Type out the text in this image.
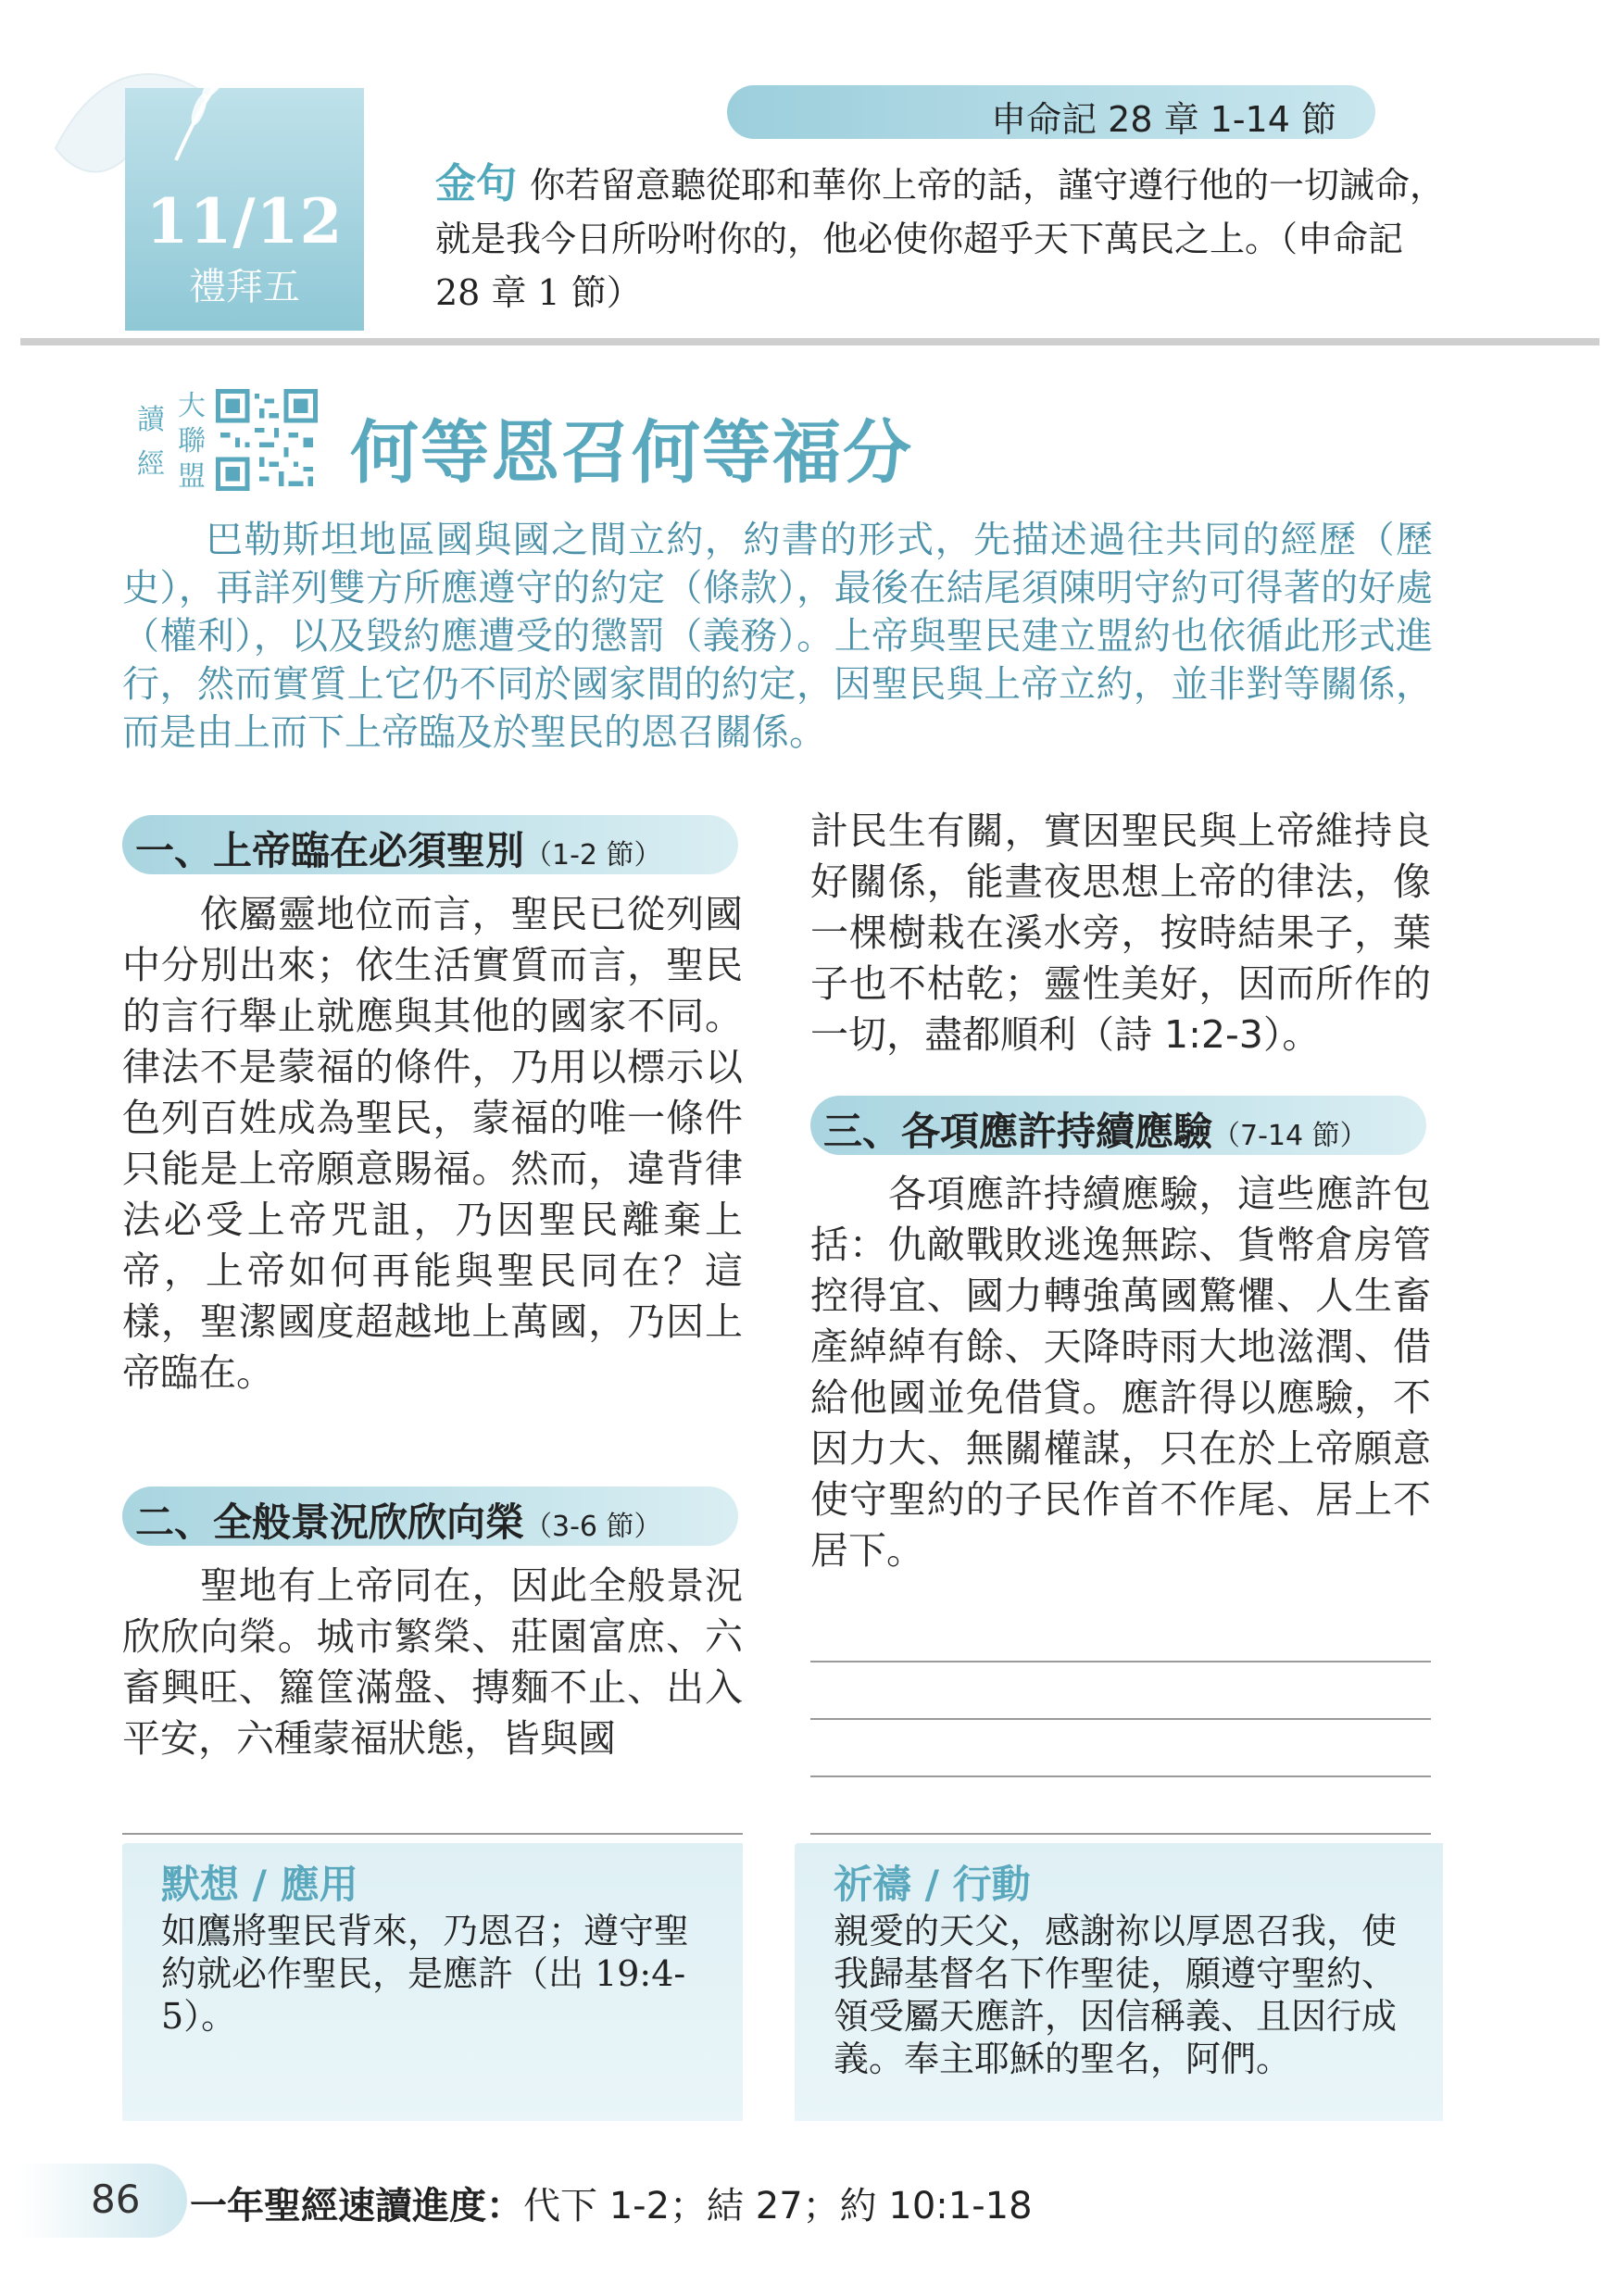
11/12
禮拜五
申命記 28 章 1-14 節
金句 你若留意聽從耶和華你上帝的話，謹守遵行他的一切誡命，就是我今日所吩咐你的，他必使你超乎天下萬民之上。（申命記 28 章 1 節）
讀經
大聯盟 何等恩召何等福分
巴勒斯坦地區國與國之間立約，約書的形式，先描述過往共同的經歷（歷史），再詳列雙方所應遵守的約定（條款），最後在結尾須陳明守約可得著的好處（權利），以及毀約應遭受的懲罰（義務）。上帝與聖民建立盟約也依循此形式進行，然而實質上它仍不同於國家間的約定，因聖民與上帝立約，並非對等關係，而是由上而下上帝臨及於聖民的恩召關係。
一、上帝臨在必須聖別（1-2 節）
依屬靈地位而言，聖民已從列國中分別出來；依生活實質而言，聖民的言行舉止就應與其他的國家不同。律法不是蒙福的條件，乃用以標示以色列百姓成為聖民，蒙福的唯一條件只能是上帝願意賜福。然而，違背律法必受上帝咒詛，乃因聖民離棄上帝，上帝如何再能與聖民同在？這樣，聖潔國度超越地上萬國，乃因上帝臨在。
二、全般景況欣欣向榮（3-6 節）
聖地有上帝同在，因此全般景況欣欣向榮。城市繁榮、莊園富庶、六畜興旺、籮筐滿盤、摶麵不止、出入平安，六種蒙福狀態，皆與國
計民生有關，實因聖民與上帝維持良好關係，能晝夜思想上帝的律法，像一棵樹栽在溪水旁，按時結果子，葉子也不枯乾；靈性美好，因而所作的一切，盡都順利（詩 1:2-3）。
三、各項應許持續應驗（7-14 節）
各項應許持續應驗，這些應許包括：仇敵戰敗逃逸無踪、貨幣倉房管控得宜、國力轉強萬國驚懼、人生畜產綽綽有餘、天降時雨大地滋潤、借給他國並免借貸。應許得以應驗，不因力大、無關權謀，只在於上帝願意使守聖約的子民作首不作尾、居上不居下。
默想 / 應用
如鷹將聖民背來，乃恩召；遵守聖約就必作聖民，是應許（出 19:4-5）。
祈禱 / 行動
親愛的天父，感謝祢以厚恩召我，使我歸基督名下作聖徒，願遵守聖約、領受屬天應許，因信稱義、且因行成義。奉主耶穌的聖名，阿們。
86 一年聖經速讀進度：代下 1-2；結 27；約 10:1-18
